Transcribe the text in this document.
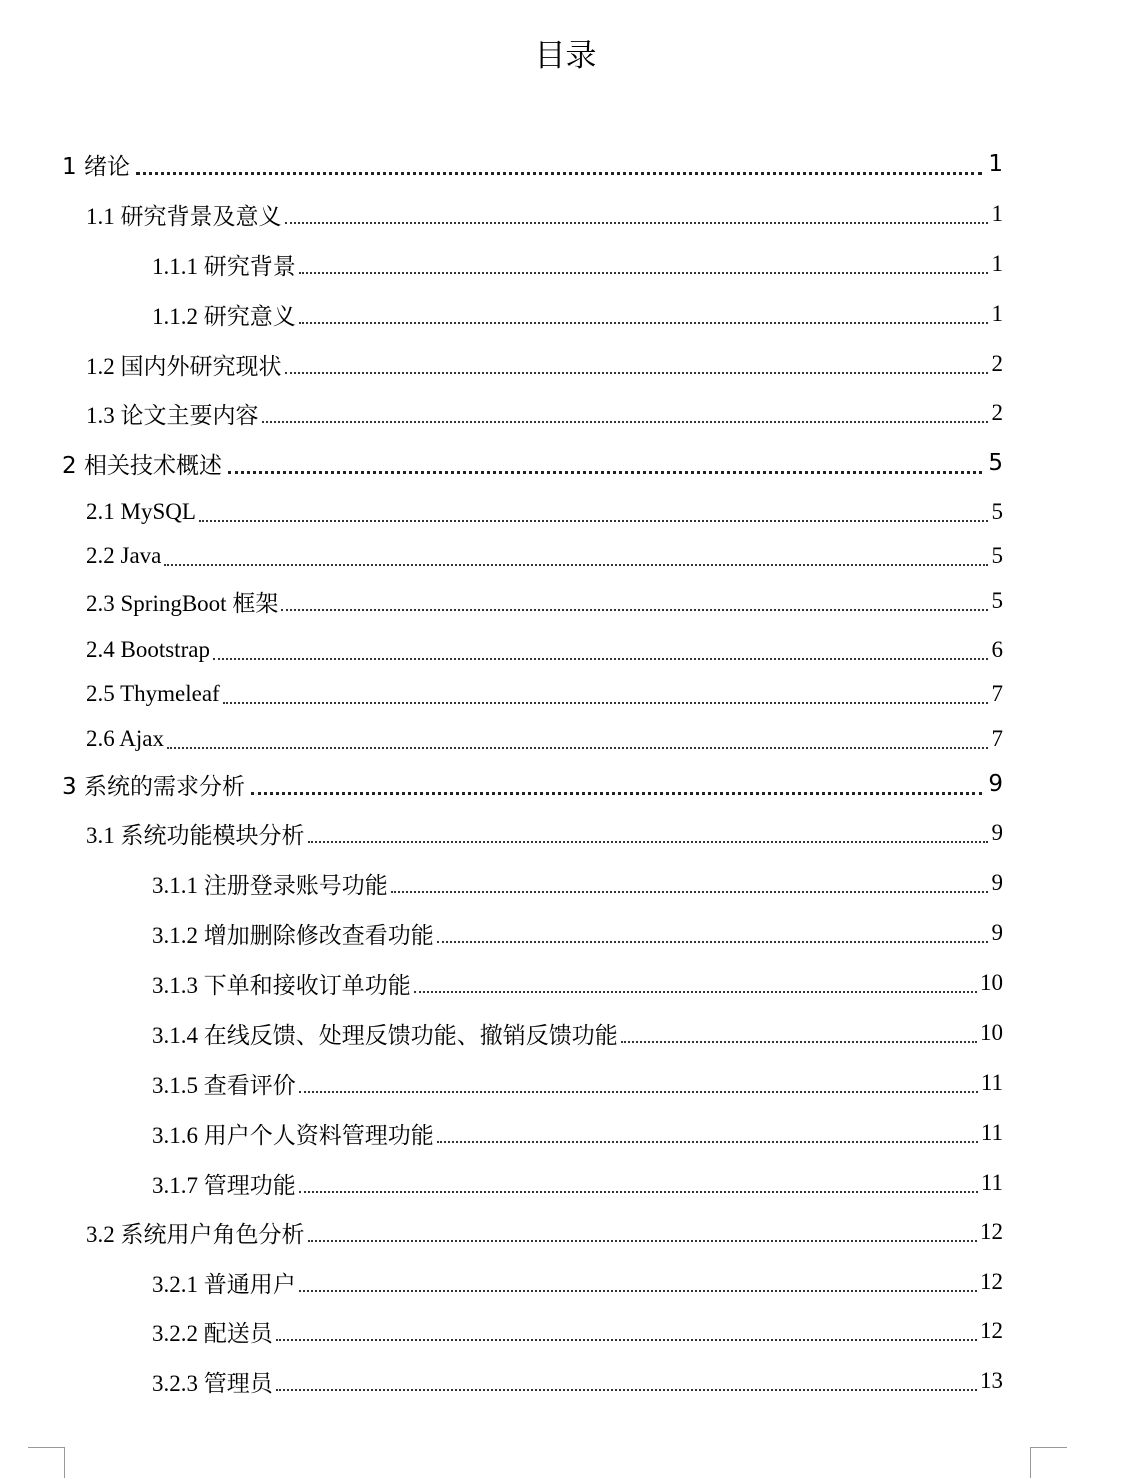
目录
1 绪论	1
1.1 研究背景及意义	1
1.1.1 研究背景	1
1.1.2 研究意义	1
1.2 国内外研究现状	2
1.3 论文主要内容	2
2 相关技术概述	5
2.1 MySQL	5
2.2 Java	5
2.3 SpringBoot 框架	5
2.4 Bootstrap	6
2.5 Thymeleaf	7
2.6 Ajax	7
3 系统的需求分析	9
3.1 系统功能模块分析	9
3.1.1 注册登录账号功能	9
3.1.2 增加删除修改查看功能	9
3.1.3 下单和接收订单功能	10
3.1.4 在线反馈、处理反馈功能、撤销反馈功能	10
3.1.5 查看评价	11
3.1.6 用户个人资料管理功能	11
3.1.7 管理功能	11
3.2 系统用户角色分析	12
3.2.1 普通用户	12
3.2.2 配送员	12
3.2.3 管理员	13
